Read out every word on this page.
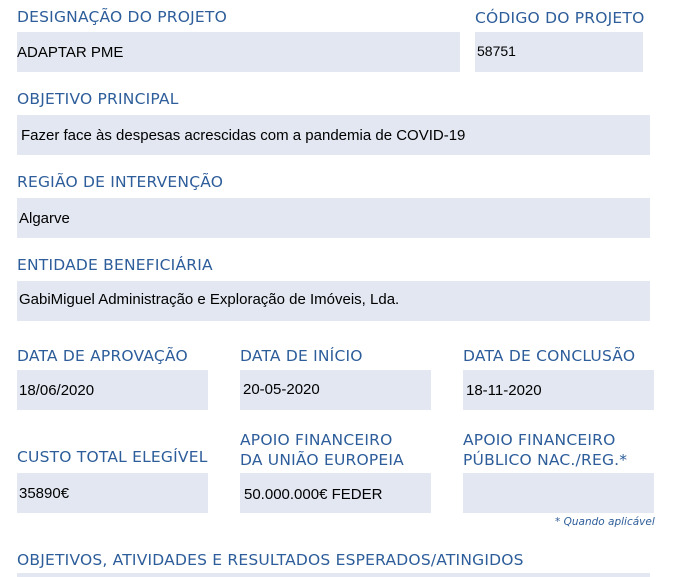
DESIGNAÇÃO DO PROJETO
ADAPTAR PME
CÓDIGO DO PROJETO
58751
OBJETIVO PRINCIPAL
Fazer face às despesas acrescidas com a pandemia de COVID-19
REGIÃO DE INTERVENÇÃO
Algarve
ENTIDADE BENEFICIÁRIA
GabiMiguel Administração e Exploração de Imóveis, Lda.
DATA DE APROVAÇÃO
18/06/2020
DATA DE INÍCIO
20-05-2020
DATA DE CONCLUSÃO
18-11-2020
CUSTO TOTAL ELEGÍVEL
35890€
APOIO FINANCEIRO
DA UNIÃO EUROPEIA
50.000.000€ FEDER
APOIO FINANCEIRO
PÚBLICO NAC./REG.*
* Quando aplicável
OBJETIVOS, ATIVIDADES E RESULTADOS ESPERADOS/ATINGIDOS
